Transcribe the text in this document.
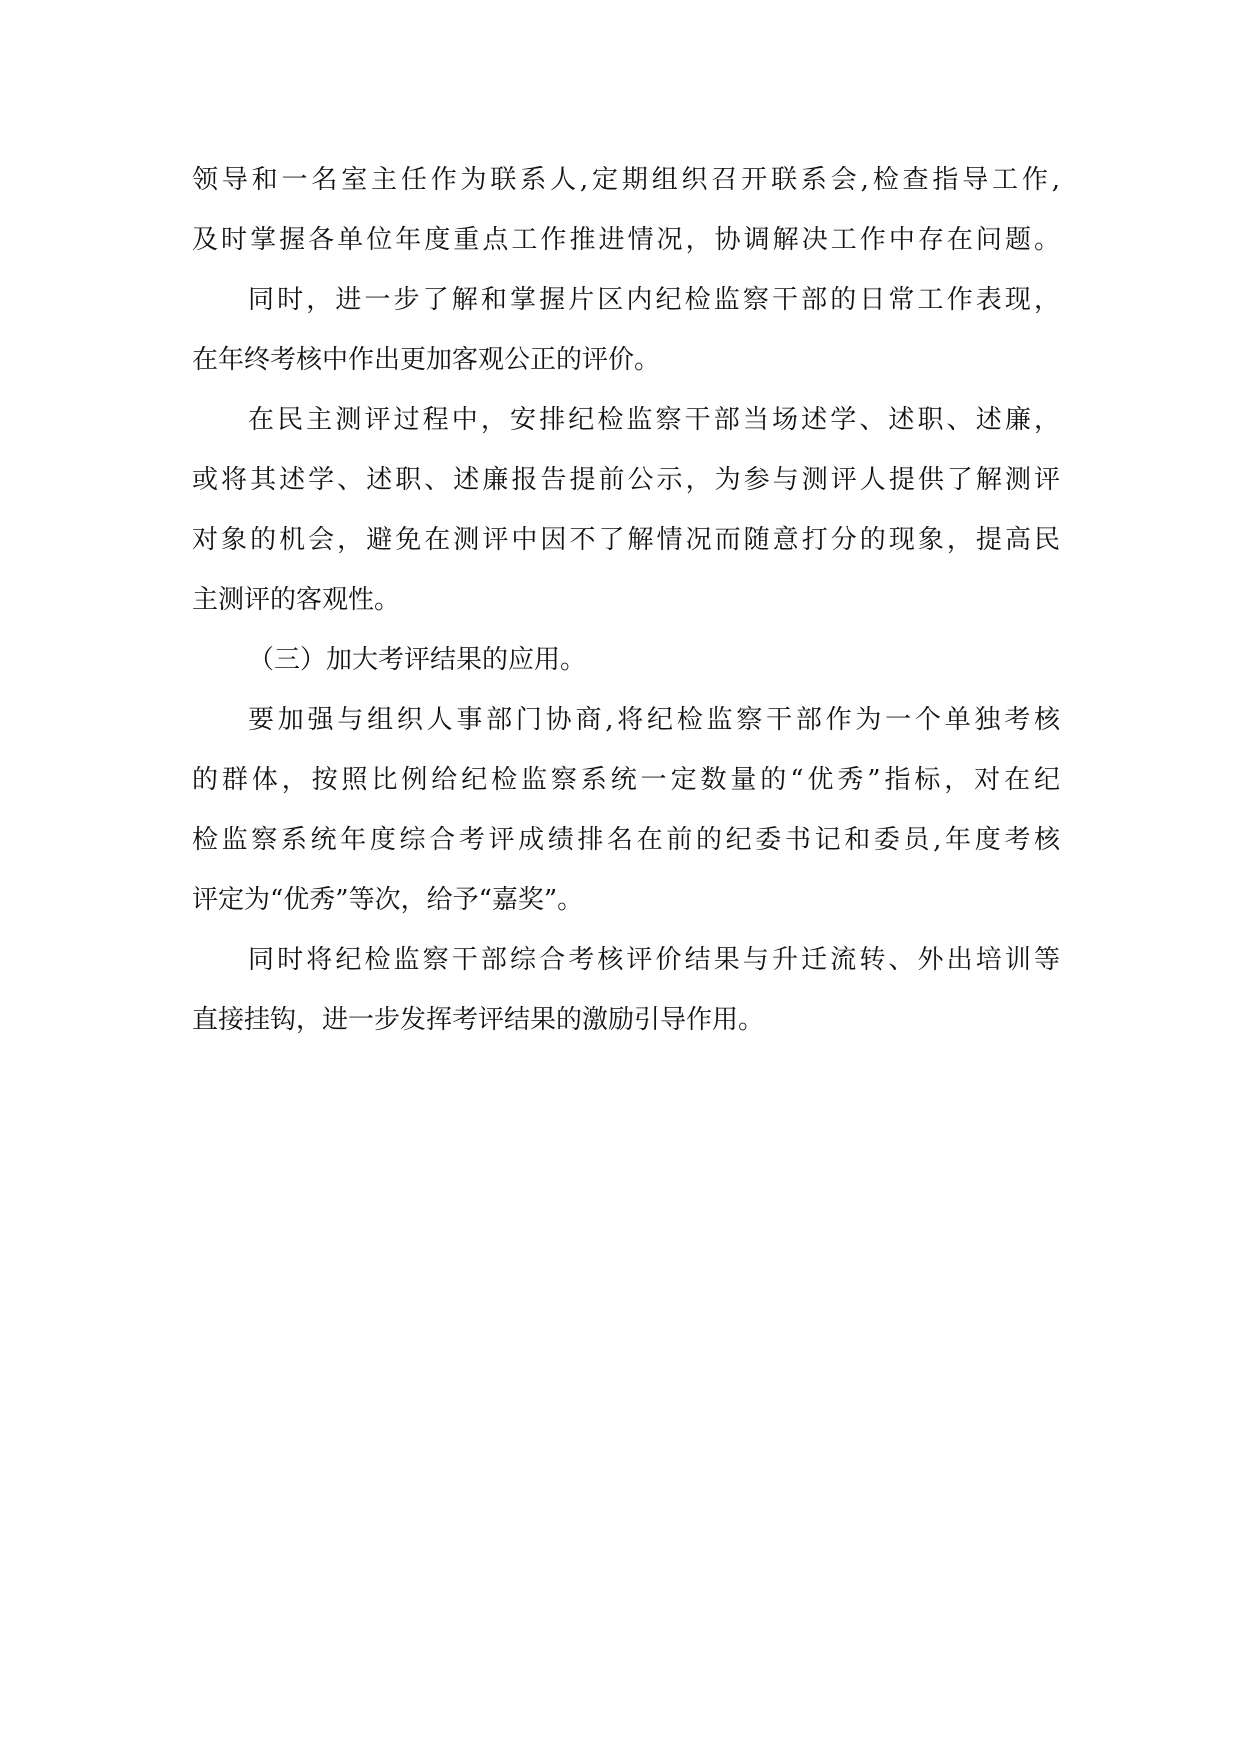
领导和一名室主任作为联系人,定期组织召开联系会,检查指导工作,
及时掌握各单位年度重点工作推进情况，协调解决工作中存在问题。
同时，进一步了解和掌握片区内纪检监察干部的日常工作表现，
在年终考核中作出更加客观公正的评价。
在民主测评过程中，安排纪检监察干部当场述学、述职、述廉，
或将其述学、述职、述廉报告提前公示，为参与测评人提供了解测评
对象的机会，避免在测评中因不了解情况而随意打分的现象，提高民
主测评的客观性。
（三）加大考评结果的应用。
要加强与组织人事部门协商,将纪检监察干部作为一个单独考核
的群体，按照比例给纪检监察系统一定数量的“优秀”指标，对在纪
检监察系统年度综合考评成绩排名在前的纪委书记和委员,年度考核
评定为“优秀”等次，给予“嘉奖”。
同时将纪检监察干部综合考核评价结果与升迁流转、外出培训等
直接挂钩，进一步发挥考评结果的激励引导作用。
